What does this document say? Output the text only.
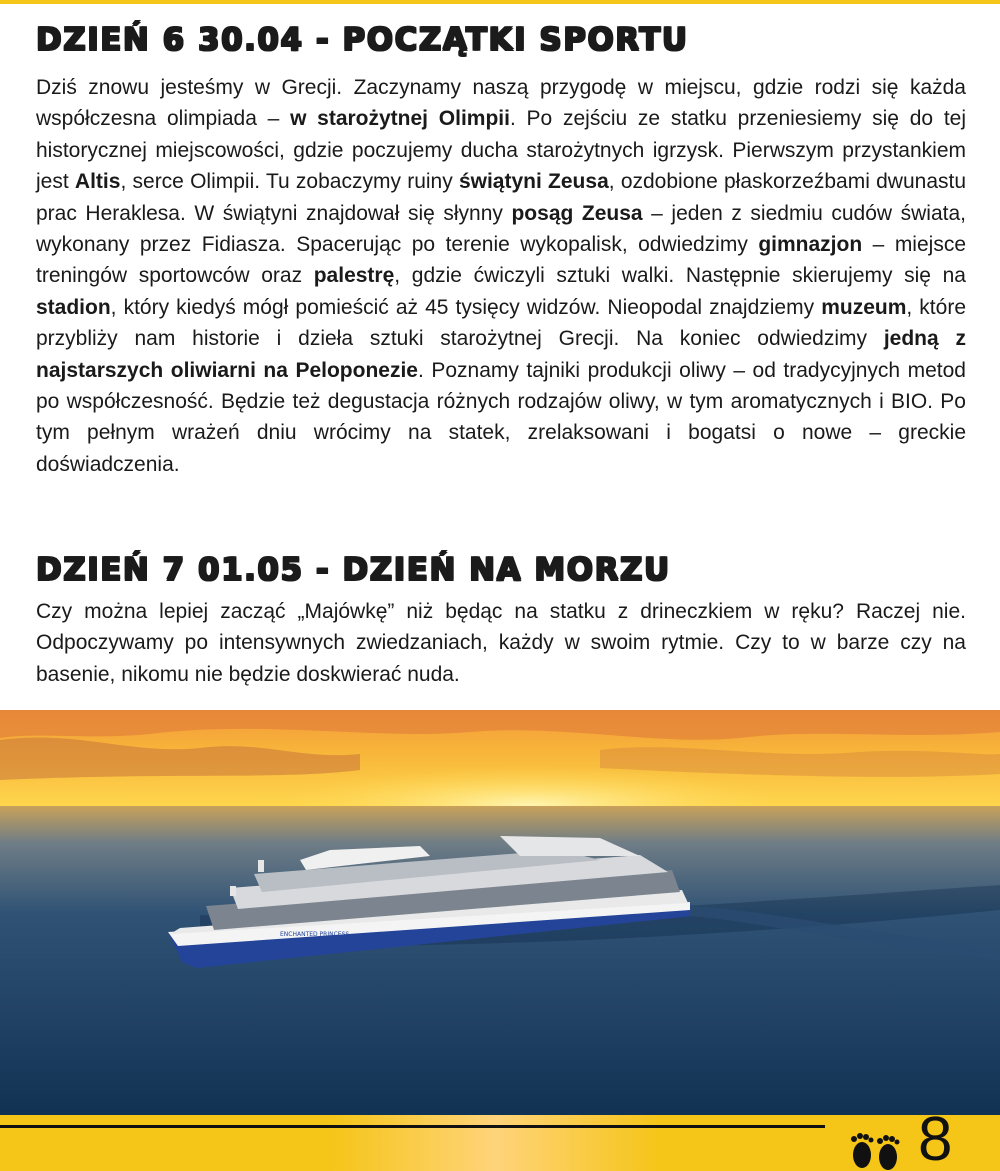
DZIEŃ 6 30.04 - POCZĄTKI SPORTU

Dziś znowu jesteśmy w Grecji. Zaczynamy naszą przygodę w miejscu, gdzie rodzi się każda współczesna olimpiada – w starożytnej Olimpii. Po zejściu ze statku przeniesiemy się do tej historycznej miejscowości, gdzie poczujemy ducha starożytnych igrzysk. Pierwszym przystankiem jest Altis, serce Olimpii. Tu zobaczymy ruiny świątyni Zeusa, ozdobione płaskorzeźbami dwunastu prac Heraklesa. W świątyni znajdował się słynny posąg Zeusa – jeden z siedmiu cudów świata, wykonany przez Fidiasza. Spacerując po terenie wykopalisk, odwiedzimy gimnazjon – miejsce treningów sportowców oraz palestrę, gdzie ćwiczyli sztuki walki. Następnie skierujemy się na stadion, który kiedyś mógł pomieścić aż 45 tysięcy widzów. Nieopodal znajdziemy muzeum, które przybliży nam historie i dzieła sztuki starożytnej Grecji. Na koniec odwiedzimy jedną z najstarszych oliwiarni na Peloponezie. Poznamy tajniki produkcji oliwy – od tradycyjnych metod po współczesność. Będzie też degustacja różnych rodzajów oliwy, w tym aromatycznych i BIO. Po tym pełnym wrażeń dniu wrócimy na statek, zrelaksowani i bogatsi o nowe – greckie doświadczenia.

DZIEŃ 7 01.05 - DZIEŃ NA MORZU

Czy można lepiej zacząć „Majówkę” niż będąc na statku z drineczkiem w ręku? Raczej nie. Odpoczywamy po intensywnych zwiedzaniach, każdy w swoim rytmie. Czy to w barze czy na basenie, nikomu nie będzie doskwierać nuda.

ENCHANTED PRINCESS
8
